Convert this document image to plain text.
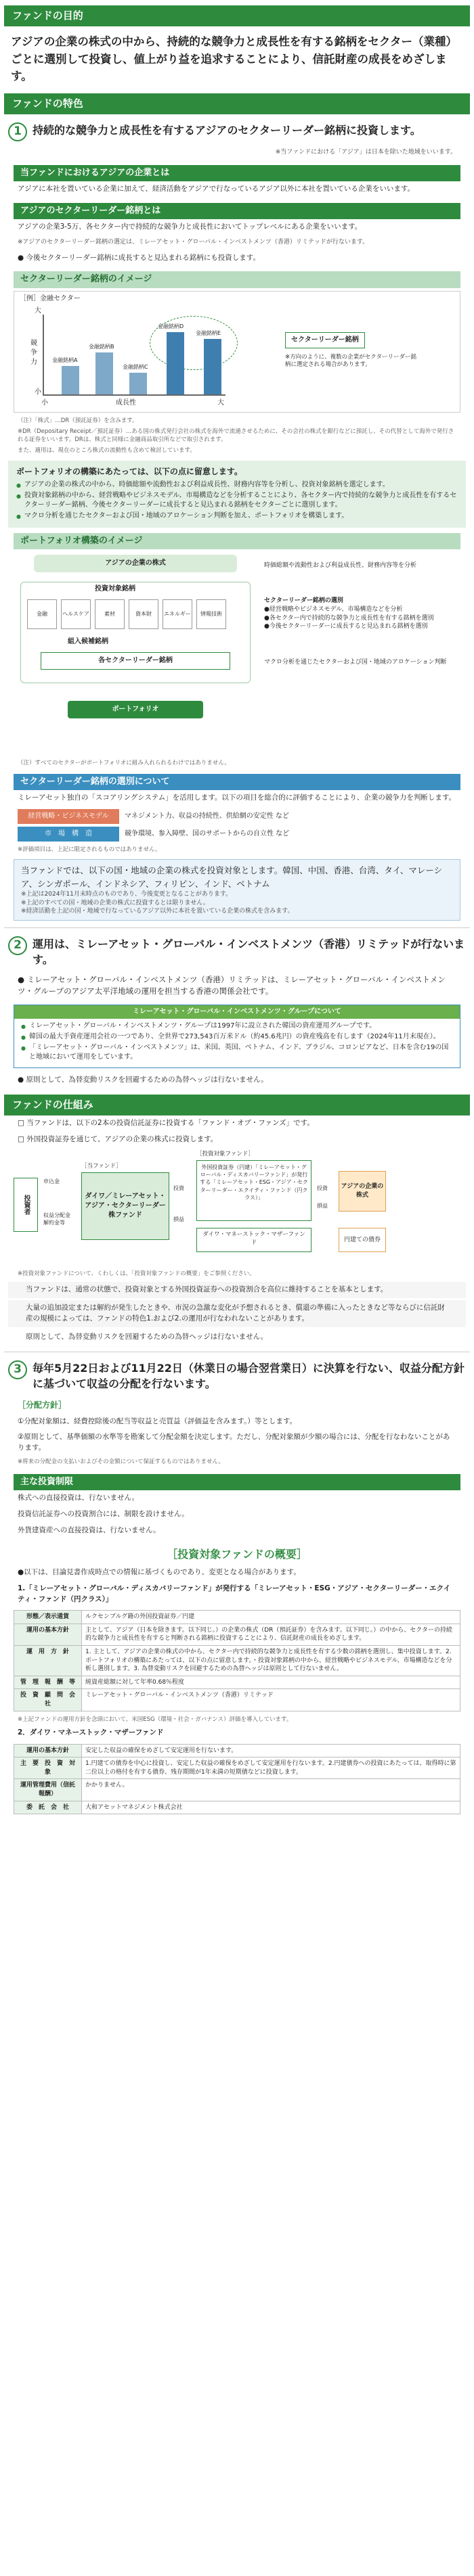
ファンドの目的
アジアの企業の株式の中から、持続的な競争力と成長性を有する銘柄をセクター（業種）ごとに選別して投資し、値上がり益を追求することにより、信託財産の成長をめざします。
ファンドの特色
1	持続的な競争力と成長性を有するアジアのセクターリーダー銘柄に投資します。
※当ファンドにおける「アジア」は日本を除いた地域をいいます。
当ファンドにおけるアジアの企業とは
アジアに本社を置いている企業に加えて、経済活動をアジアで行なっているアジア以外に本社を置いている企業をいいます。
アジアのセクターリーダー銘柄とは
アジアの企業3-5万、各セクター内で持続的な競争力と成長性においてトップレベルにある企業をいいます。
※アジアのセクターリーダー銘柄の選定は、ミレーアセット・グローバル・インベストメンツ（香港）リミテッドが行ないます。
● 今後セクターリーダー銘柄に成長すると見込まれる銘柄にも投資します。
セクターリーダー銘柄のイメージ
［例］金融セクター
大
競争力
小
小	成長性	大
金融銘柄A
金融銘柄B
金融銘柄C
金融銘柄D
金融銘柄E
セクターリーダー銘柄
※方向のように、複数の企業がセクターリーダー銘柄に選定される場合があります。
（注）「株式」…DR（預託証券）を含みます。
※DR（Depositary Receipt／預託証券）…ある国の株式発行会社の株式を海外で流通させるために、その会社の株式を銀行などに預託し、その代替として海外で発行される証券をいいます。DRは、株式と同様に金融商品取引所などで取引されます。
また、適用は、現在のところ株式の流動性も含めて検討しています。
ポートフォリオの構築にあたっては、以下の点に留意します。
● アジアの企業の株式の中から、時価総額や流動性および利益成長性、財務内容等を分析し、投資対象銘柄を選定します。
● 投資対象銘柄の中から、経営戦略やビジネスモデル、市場構造などを分析することにより、各セクター内で持続的な競争力と成長性を有するセクターリーダー銘柄、今後セクターリーダーに成長すると見込まれる銘柄をセクターごとに選別します。
● マクロ分析を通じたセクターおよび国・地域のアロケーション判断を加え、ポートフォリオを構築します。
ポートフォリオ構築のイメージ
アジアの企業の株式
投資対象銘柄
金融	ヘルスケア	素材	資本財	エネルギー	情報技術
組入候補銘柄
各セクターリーダー銘柄
ポートフォリオ
時価総額や流動性および利益成長性、財務内容等を分析
セクターリーダー銘柄の選別
●経営戦略やビジネスモデル、市場構造などを分析
●各セクター内で持続的な競争力と成長性を有する銘柄を選別
●今後セクターリーダーに成長すると見込まれる銘柄を選別
マクロ分析を通じたセクターおよび国・地域のアロケーション判断
（注）すべてのセクターがポートフォリオに組み入れられるわけではありません。
セクターリーダー銘柄の選別について
ミレーアセット独自の「スコアリングシステム」を活用します。以下の項目を総合的に評価することにより、企業の競争力を判断します。
経営戦略・ビジネスモデル	マネジメント力、収益の持続性、供給網の安定性 など
市　場　構　造	競争環境、参入障壁、国のサポートからの自立性 など
※評価項目は、上記に限定されるものではありません。
当ファンドでは、以下の国・地域の企業の株式を投資対象とします。韓国、中国、香港、台湾、タイ、マレーシア、シンガポール、インドネシア、フィリピン、インド、ベトナム
※上記は2024年11月末時点のものであり、今後変更となることがあります。
※上記のすべての国・地域の企業の株式に投資するとは限りません。
※経済活動を上記の国・地域で行なっているアジア以外に本社を置いている企業の株式を含みます。
2	運用は、ミレーアセット・グローバル・インベストメンツ（香港）リミテッドが行ないます。
● ミレーアセット・グローバル・インベストメンツ（香港）リミテッドは、ミレーアセット・グローバル・インベストメンツ・グループのアジア太平洋地域の運用を担当する香港の関係会社です。
ミレーアセット・グローバル・インベストメンツ・グループについて
● ミレーアセット・グローバル・インベストメンツ・グループは1997年に設立された韓国の資産運用グループです。
● 韓国の最大手資産運用会社の一つであり、全世界で273,543百万米ドル（約45.6兆円）の資産残高を有します（2024年11月末現在）。
● 「ミレーアセット・グローバル・インベストメンツ」は、米国、英国、ベトナム、インド、ブラジル、コロンビアなど、日本を含む19の国と地域において運用をしています。
● 原則として、為替変動リスクを回避するための為替ヘッジは行ないません。
ファンドの仕組み
□ 当ファンドは、以下の2本の投資信託証券に投資する「ファンド・オブ・ファンズ」です。
□ 外国投資証券を通じて、アジアの企業の株式に投資します。
投資者
申込金
収益分配金 解約金等
［当ファンド］
ダイワ／ミレーアセット・アジア・セクターリーダー株ファンド
投資
損益
［投資対象ファンド］
外国投資証券（円建）「ミレーアセット・グローバル・ディスカバリーファンド」が発行する「ミレーアセット・ESG・アジア・セクターリーダー・エクイティ・ファンド（円クラス）」
ダイワ・マネーストック・マザーファンド
投資
損益
アジアの企業の株式
円建ての債券
※投資対象ファンドについて、くわしくは、「投資対象ファンドの概要」をご参照ください。
当ファンドは、通常の状態で、投資対象とする外国投資証券への投資割合を高位に維持することを基本とします。
大量の追加設定または解約が発生したときや、市況の急激な変化が予想されるとき、償還の準備に入ったときなど等ならびに信託財産の規模によっては、ファンドの特色1.および2.の運用が行なわれないことがあります。
原則として、為替変動リスクを回避するための為替ヘッジは行ないません。
3	毎年5月22日および11月22日（休業日の場合翌営業日）に決算を行ない、収益分配方針に基づいて収益の分配を行ないます。
［分配方針］
①分配対象額は、経費控除後の配当等収益と売買益（評価益を含みます。）等とします。
②原則として、基準価額の水準等を勘案して分配金額を決定します。ただし、分配対象額が少額の場合には、分配を行なわないことがあります。
※将来の分配金の支払いおよびその金額について保証するものではありません。
主な投資制限
株式への直接投資は、行ないません。
投資信託証券への投資割合には、制限を設けません。
外貨建資産への直接投資は、行ないません。
［投資対象ファンドの概要］
●以下は、目論見書作成時点での情報に基づくものであり、変更となる場合があります。
1.「ミレーアセット・グローバル・ディスカバリーファンド」が発行する「ミレーアセット・ESG・アジア・セクターリーダー・エクイティ・ファンド（円クラス）」
形態／表示通貨	ルクセンブルグ籍の外国投資証券／円建
運用の基本方針	主として、アジア（日本を除きます。以下同じ。）の企業の株式（DR（預託証券）を含みます。以下同じ。）の中から、セクターの持続的な競争力と成長性を有すると判断される銘柄に投資することにより、信託財産の成長をめざします。
運　用　方　針	1. 主として、アジアの企業の株式の中から、セクター内で持続的な競争力と成長性を有する少数の銘柄を選別し、集中投資します。2. ポートフォリオの構築にあたっては、以下の点に留意します。・投資対象銘柄の中から、経営戦略やビジネスモデル、市場構造などを分析し選別します。3. 為替変動リスクを回避するための為替ヘッジは原則として行ないません。
管　理　報　酬　等	純資産総額に対して年率0.68％程度
投　資　顧　問　会　社	ミレーアセット・グローバル・インベストメンツ（香港）リミテッド
※上記ファンドの運用方針を念頭において、米国ESG（環境・社会・ガバナンス）評価を導入しています。
2．ダイワ・マネーストック・マザーファンド
運用の基本方針	安定した収益の確保をめざして安定運用を行ないます。
主　要　投　資　対　象	1.円建ての債券を中心に投資し、安定した収益の確保をめざして安定運用を行ないます。2.円建債券への投資にあたっては、取得時に第二位以上の格付を有する債券、残存期間が1年未満の短期債などに投資します。
運用管理費用（信託報酬）	かかりません。
委　託　会　社	大和アセットマネジメント株式会社
